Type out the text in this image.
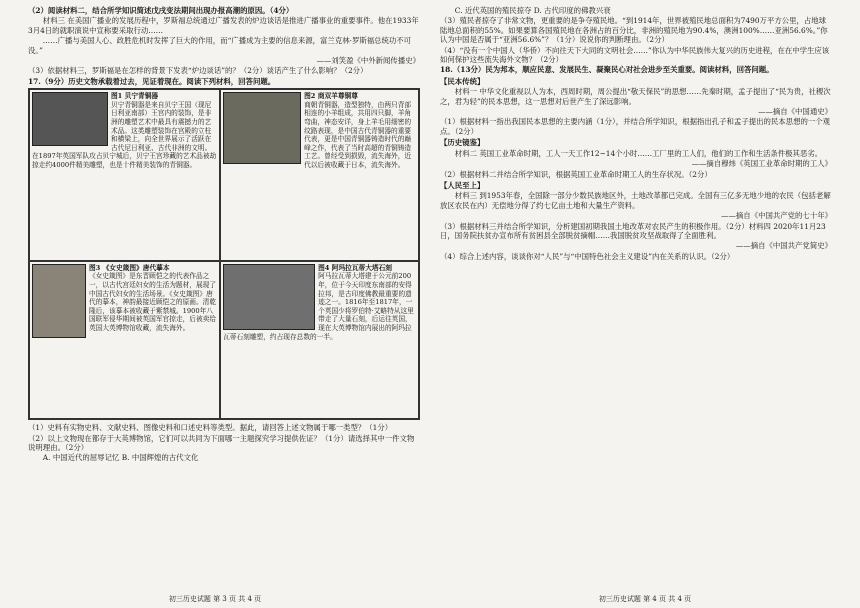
（2）阅读材料二，结合所学知识简述戊戌变法期间出现办报高潮的原因。（4分）

材料三 在美国广播业的发展历程中，罗斯福总统通过广播发表的炉边谈话是推进广播事业的重要事件。他在1933年3月4日的就职演说中宣称要采取行动……

……广播与美国人心、政胜危机时发挥了巨大的作用，而“广播成为主要的信息来源，富兰克林·罗斯福总统功不可没。”

——刘笑盈《中外新闻传播史》

（3）依据材料三，罗斯福是在怎样的背景下发表“炉边谈话”的？（2分）谈话产生了什么影响？（2分）

17.（9分）历史文物承载着过去，见证着现在。阅读下列材料，回答问题。

图1 贝宁青铜器
贝宁青铜器是来自贝宁王国（现尼日利亚南部）王宫内的装饰，是非洲的雕塑艺术中最具有震撼力的艺术品。这类雕塑装饰在宫殿的立柱和横梁上，向全世界展示了活跃在古代尼日利亚、古代非洲的文明。在1897年英国军队攻占贝宁城后，贝宁王宫珍藏的艺术品被劫掠走约4000件精美雕塑，也是十件精美装饰的青铜器。
图2 商双羊尊铜尊
商朝青铜器，造型独特，由两只背部相连的小羊组成，共用四只脚，羊角弯曲，神态安详，身上羊毛用细密的纹路表现，是中国古代青铜器的重要代表，更是中国青铜器铸造时代的巅峰之作，代表了当时高超的青铜铸造工艺。曾经受到损毁，流失海外，近代以后被收藏于日本，流失海外。
图3 《女史箴图》唐代摹本
《女史箴图》是东晋顾恺之的代表作品之一，以古代宫廷妇女的生活为题材，展现了中国古代妇女的生活场景。《女史箴图》唐代的摹本，神韵最接近顾恺之的原画。清乾隆后，该摹本被收藏于紫禁城。1900年八国联军侵华期间被英国军官掠走，后被卖给英国大英博物馆收藏，流失海外。
图4 阿玛拉瓦蒂大塔石刻
阿马拉瓦蒂大塔建于公元前200年，位于今天印度东南部的安得拉邦，是古印度佛教最重要的遗迹之一。1816年至1817年，一个英国少将罗伯特·艾略特从这里带走了大量石刻，后运往英国，现在大英博物馆内展出的阿玛拉瓦蒂石刻雕塑，约占现存总数的一半。

（1）史料有实物史料、文献史料、图像史料和口述史料等类型。据此，请回答上述文物属于哪一类型？（1分）

（2）以上文物现在都存于大英博物馆，它们可以共同为下面哪一主题探究学习提供佐证？（1分）请选择其中一件文物说明理由。（2分）

A. 中国近代的屈辱记忆 B. 中国辉煌的古代文化

初三历史试题 第 3 页 共 4 页

C. 近代英国的殖民掠夺 D. 古代印度的佛教兴衰

（3）殖民者掠夺了非常文物，更重要的是争夺殖民地。“到1914年，世界被殖民地总面积为7490万平方公里，占地球陆地总面积的55%。如果要算各国殖民地在各洲占的百分比，非洲的殖民地为90.4%，澳洲100%……亚洲56.6%。”你认为中国是否属于“亚洲56.6%”？（1分）说说你的判断理由。（2分）

（4）“没有一个中国人（华侨）不向往天下大同的文明社会……”你认为中华民族伟大复兴的历史进程，在在中学生应该如何保护这些流失海外文物？（2分）

18.（13分）民为邦本，顺应民意、发展民生、凝聚民心对社会进步至关重要。阅读材料，回答问题。

【民本传统】

材料一 中华文化重视以人为本，西周时期，周公提出“敬天保民”的思想……先秦时期，孟子提出了“民为贵，社稷次之，君为轻”的民本思想，这一思想对后世产生了深远影响。

——摘自《中国通史》

（1）根据材料一指出我国民本思想的主要内涵（1分），并结合所学知识，根据指出孔子和孟子提出的民本思想的一个观点。（2分）

【历史镜鉴】

材料二 英国工业革命时期，工人一天工作12~14个小时……工厂里的工人们，他们的工作和生活条件极其恶劣。

——摘自穆炜《英国工业革命时期的工人》

（2）根据材料二并结合所学知识，根据英国工业革命时期工人的生存状况。（2分）

【人民至上】

材料三 到1953年春，全国除一部分少数民族地区外，土地改革都已完成。全国有三亿多无地少地的农民（包括老解放区农民在内）无偿地分得了约七亿亩土地和大量生产资料。

——摘自《中国共产党的七十年》

（3）根据材料三并结合所学知识，分析建国初期我国土地改革对农民产生的积极作用。（2分）材料四 2020年11月23日，国务院扶贫办宣布所有贫困县全部脱贫摘帽……我国脱贫攻坚战取得了全面胜利。

——摘自《中国共产党简史》

（4）综合上述内容，谈谈你对“人民”与“中国特色社会主义建设”内在关系的认识。（2分）

初三历史试题 第 4 页 共 4 页
